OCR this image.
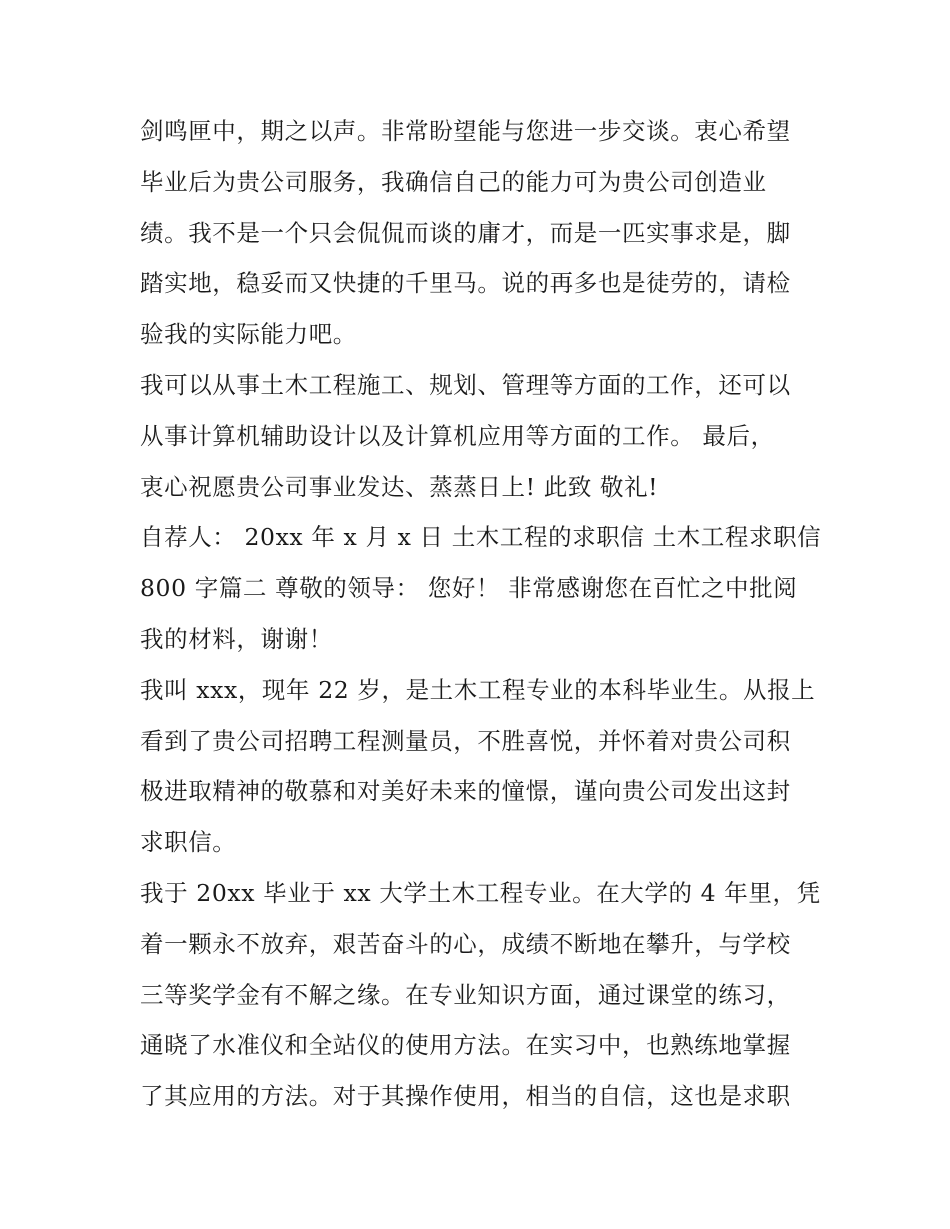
剑鸣匣中，期之以声。非常盼望能与您进一步交谈。衷心希望
毕业后为贵公司服务，我确信自己的能力可为贵公司创造业
绩。我不是一个只会侃侃而谈的庸才，而是一匹实事求是，脚
踏实地，稳妥而又快捷的千里马。说的再多也是徒劳的，请检
验我的实际能力吧。
我可以从事土木工程施工、规划、管理等方面的工作，还可以
从事计算机辅助设计以及计算机应用等方面的工作。 最后，
衷心祝愿贵公司事业发达、蒸蒸日上! 此致 敬礼!
自荐人： 20xx 年 x 月 x 日 土木工程的求职信 土木工程求职信
800 字篇二 尊敬的领导： 您好！ 非常感谢您在百忙之中批阅
我的材料，谢谢！
我叫 xxx，现年 22 岁，是土木工程专业的本科毕业生。从报上
看到了贵公司招聘工程测量员，不胜喜悦，并怀着对贵公司积
极进取精神的敬慕和对美好未来的憧憬，谨向贵公司发出这封
求职信。
我于 20xx 毕业于 xx 大学土木工程专业。在大学的 4 年里，凭
着一颗永不放弃，艰苦奋斗的心，成绩不断地在攀升，与学校
三等奖学金有不解之缘。在专业知识方面，通过课堂的练习，
通晓了水准仪和全站仪的使用方法。在实习中，也熟练地掌握
了其应用的方法。对于其操作使用，相当的自信，这也是求职
